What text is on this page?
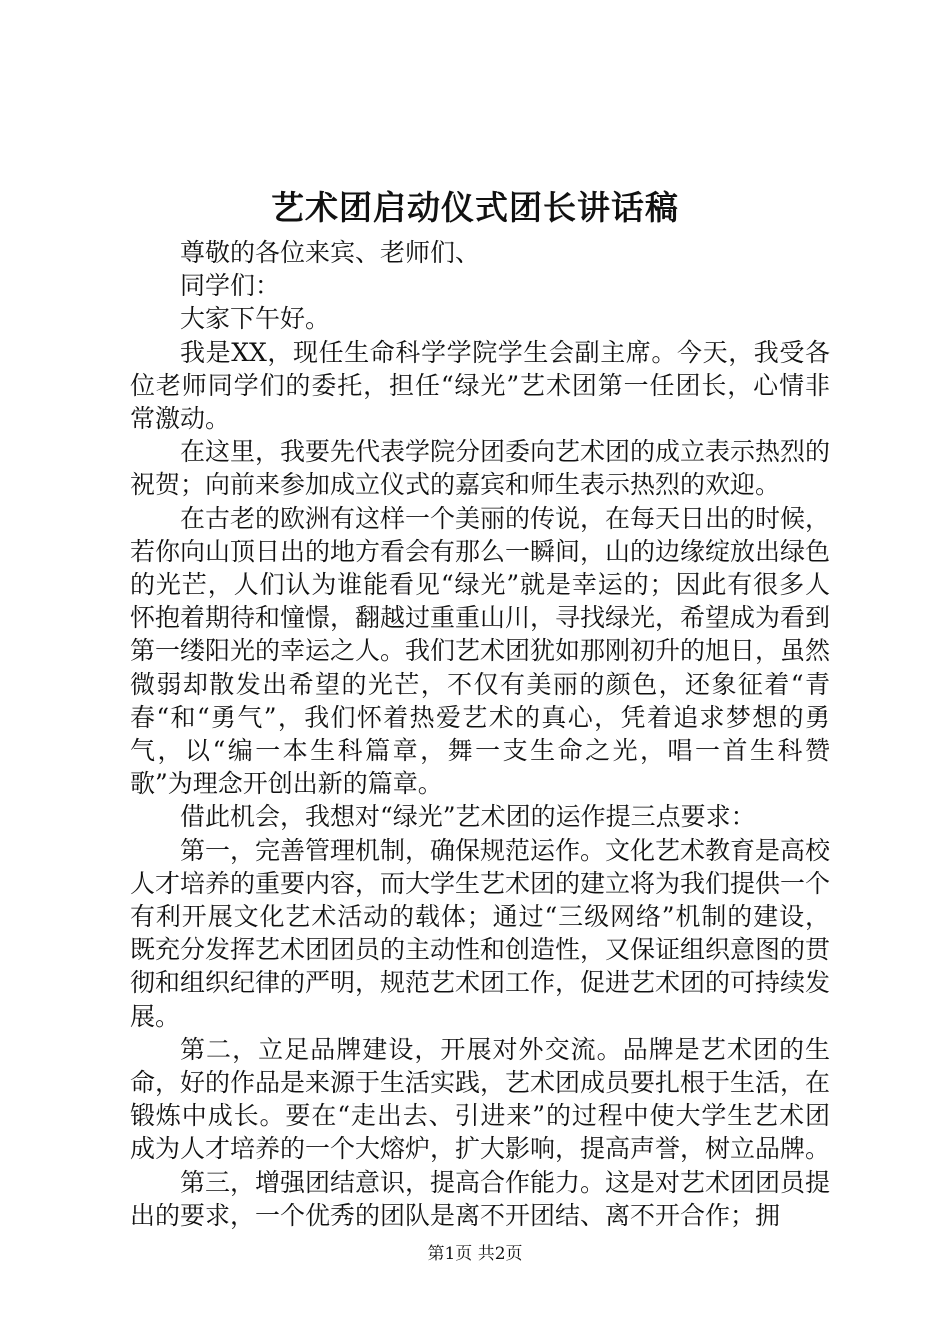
艺术团启动仪式团长讲话稿

尊敬的各位来宾、老师们、

同学们：

大家下午好。

我是XX，现任生命科学学院学生会副主席。今天，我受各位老师同学们的委托，担任“绿光”艺术团第一任团长，心情非常激动。

在这里，我要先代表学院分团委向艺术团的成立表示热烈的祝贺；向前来参加成立仪式的嘉宾和师生表示热烈的欢迎。

在古老的欧洲有这样一个美丽的传说，在每天日出的时候，若你向山顶日出的地方看会有那么一瞬间，山的边缘绽放出绿色的光芒，人们认为谁能看见“绿光”就是幸运的；因此有很多人怀抱着期待和憧憬，翻越过重重山川，寻找绿光，希望成为看到第一缕阳光的幸运之人。我们艺术团犹如那刚初升的旭日，虽然微弱却散发出希望的光芒，不仅有美丽的颜色，还象征着“青春“和“勇气”，我们怀着热爱艺术的真心，凭着追求梦想的勇气，以“编一本生科篇章，舞一支生命之光，唱一首生科赞歌”为理念开创出新的篇章。

借此机会，我想对“绿光”艺术团的运作提三点要求：

第一，完善管理机制，确保规范运作。文化艺术教育是高校人才培养的重要内容，而大学生艺术团的建立将为我们提供一个有利开展文化艺术活动的载体；通过“三级网络”机制的建设，既充分发挥艺术团团员的主动性和创造性，又保证组织意图的贯彻和组织纪律的严明，规范艺术团工作，促进艺术团的可持续发展。

第二，立足品牌建设，开展对外交流。品牌是艺术团的生命，好的作品是来源于生活实践，艺术团成员要扎根于生活，在锻炼中成长。要在“走出去、引进来”的过程中使大学生艺术团成为人才培养的一个大熔炉，扩大影响，提高声誉，树立品牌。

第三，增强团结意识，提高合作能力。这是对艺术团团员提出的要求，一个优秀的团队是离不开团结、离不开合作；拥

第1页 共2页
